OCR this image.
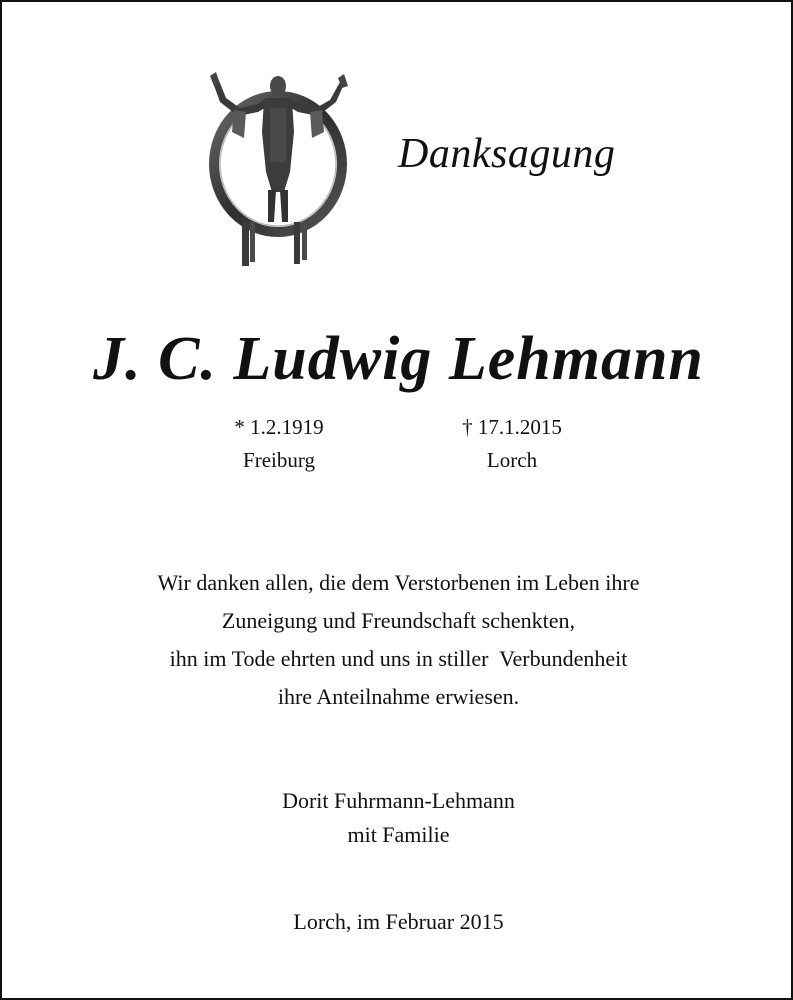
Danksagung
J. C. Ludwig Lehmann
* 1.2.1919
Freiburg
† 17.1.2015
Lorch
Wir danken allen, die dem Verstorbenen im Leben ihre
Zuneigung und Freundschaft schenkten,
ihn im Tode ehrten und uns in stiller  Verbundenheit
ihre Anteilnahme erwiesen.
Dorit Fuhrmann-Lehmann
mit Familie
Lorch, im Februar 2015
